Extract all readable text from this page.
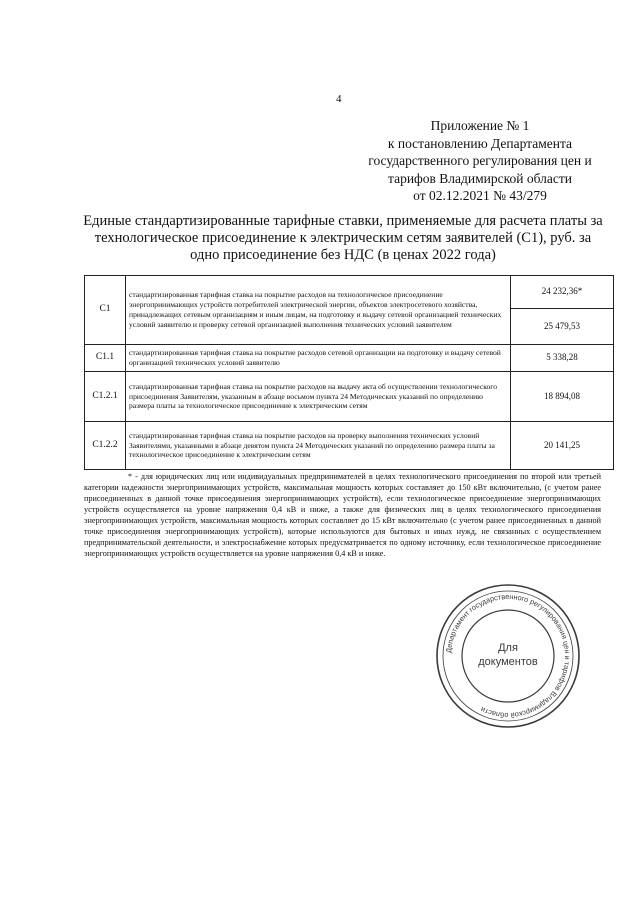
4
Приложение № 1
к постановлению Департамента
государственного регулирования цен и
тарифов Владимирской области
от 02.12.2021 № 43/279
Единые стандартизированные тарифные ставки, применяемые для расчета платы за технологическое присоединение к электрическим сетям заявителей (С1), руб. за одно присоединение без НДС (в ценах 2022 года)
С1	стандартизированная тарифная ставка на покрытие расходов на технологическое присоединение энергопринимающих устройств потребителей электрической энергии, объектов электросетевого хозяйства, принадлежащих сетевым организациям и иным лицам, на подготовку и выдачу сетевой организацией технических условий заявителю и проверку сетевой организацией выполнения технических условий заявителем	24 232,36*
		25 479,53
С1.1	стандартизированная тарифная ставка на покрытие расходов сетевой организации на подготовку и выдачу сетевой организацией технических условий заявителю	5 338,28
С1.2.1	стандартизированная тарифная ставка на покрытие расходов на выдачу акта об осуществлении технологического присоединения Заявителям, указанным в абзаце восьмом пункта 24 Методических указаний по определению размера платы за технологическое присоединение к электрическим сетям	18 894,08
С1.2.2	стандартизированная тарифная ставка на покрытие расходов на проверку выполнения технических условий Заявителями, указанными в абзаце девятом пункта 24 Методических указаний по определению размера платы за технологическое присоединение к электрическим сетям	20 141,25
* - для юридических лиц или индивидуальных предпринимателей в целях технологического присоединения по второй или третьей категории надежности энергопринимающих устройств, максимальная мощность которых составляет до 150 кВт включительно, (с учетом ранее присоединенных в данной точке присоединения энергопринимающих устройств), если технологическое присоединение энергопринимающих устройств осуществляется на уровне напряжения 0,4 кВ и ниже, а также для физических лиц в целях технологического присоединения энергопринимающих устройств, максимальная мощность которых составляет до 15 кВт включительно (с учетом ранее присоединенных в данной точке присоединения энергопринимающих устройств), которые используются для бытовых и иных нужд, не связанных с осуществлением предпринимательской деятельности, и электроснабжение которых предусматривается по одному источнику, если технологическое присоединение энергопринимающих устройств осуществляется на уровне напряжения 0,4 кВ и ниже.
Департамент государственного регулирования цен и тарифов Владимирской области
Для
документов
